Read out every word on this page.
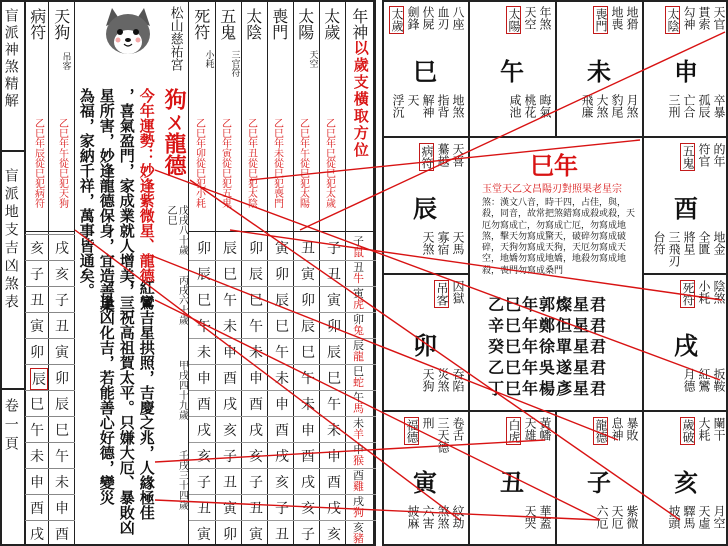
盲派神煞精解
盲派地支吉凶煞表
卷一頁
病符 天狗
吊客
乙巳年辰從巳犯病符 乙巳年午從巳犯天狗
亥
子
丑
寅
卯
辰
巳
午
未
申
酉
戌
戌
亥
子
丑
寅
卯
辰
巳
午
未
申
酉
松山慈祐宮
狗ㄨ龍德
今年運勢：妙逢紫微星、龍德
，喜氣盈門，家成業就人增美，三
星所害，妙逢龍德保身，宜造善果
為福，家納千祥，萬事皆通矣。
紅鸞吉星拱照，吉慶之兆，人緣極佳
，三祝高祖賀太平。只嫌大厄、暴敗凶
，逢凶化吉，若能善心好德，變災
乙巳 戊戌八十歲
丙戌六十歲
甲戌四十九歲
壬戌三十四歲
死符
小耗
乙巳年卯從巳犯小耗
五鬼
三官符
乙巳年寅從巳犯五鬼
太陰
乙巳年丑從巳犯太陰
喪門
乙巳年未從巳犯喪門
太陽
天空
乙巳年午從巳犯太陽
太歲
乙巳年巳從巳犯太歲
年神
以歲支橫取方位
卯 辰 卯 寅 丑 子
辰 巳 辰 卯 寅 丑
巳 午 巳 辰 卯 寅
午 未 午 巳 辰 卯
未 申 未 午 巳 辰
申 酉 申 未 午 巳
酉 戌 酉 申 未 午
戌 亥 戌 酉 申 未
亥 子 亥 戌 酉 申
子 丑 子 亥 戌 酉
丑 寅 丑 子 亥 戌
寅 卯 寅 丑 子 亥
子鼠
丑牛
寅虎
卯兔
辰龍
巳蛇
午馬
未羊
申猴
酉雞
戌狗
亥豬
八座
血刃
伏屍
劍鋒
太歲
巳
地煞
指背
解神
天
浮沉
年煞
天空
太陽
午
晦氣
桃花
咸池
地猾
地喪
喪門
未
月煞
豹尾
大煞
飛廉
天官
貫索
勾神
太陰
申
卒暴
孤辰
亡合
三刑
天喜
驀越
病符
辰
天馬
寡宿
天煞
的年
符官
五鬼
酉
地金
全匱
將星
三飛刃
台符
囚獄
吊客
卯
吞陷
災煞
天狗
陰煞
小耗
死符
戌
扳鞍
紅鸞
月德
卷舌
三天德
刑
福德
寅
紋劫
煞煞
六害
披麻
黃幡
天雄
白虎
丑
華蓋
天哭
暴敗
息神
龍德
子
紫微
天厄
六厄
闌干
大耗
歲破
亥
月空
天虛
驛馬
披頭
巳年
玉堂天乙文昌陽刃對照果老星宗
煞：漢文八音，時干四，占佳，與，殺，同音，故常把煞錯寫成殺或殺，天厄勿寫成亡，勿寫成亡厄，勿寫成地煞，擊天勿寫成驚天，破碎勿寫成破碎，天狗勿寫成天狗，天厄勿寫成天空，地嬌勿寫成地嬌，地殺勿寫成地殺，喪門勿寫成桑門
乙巳年郭燦星君
辛巳年鄭但星君
癸巳年徐單星君
乙巳年吳遂星君
丁巳年楊彥星君
